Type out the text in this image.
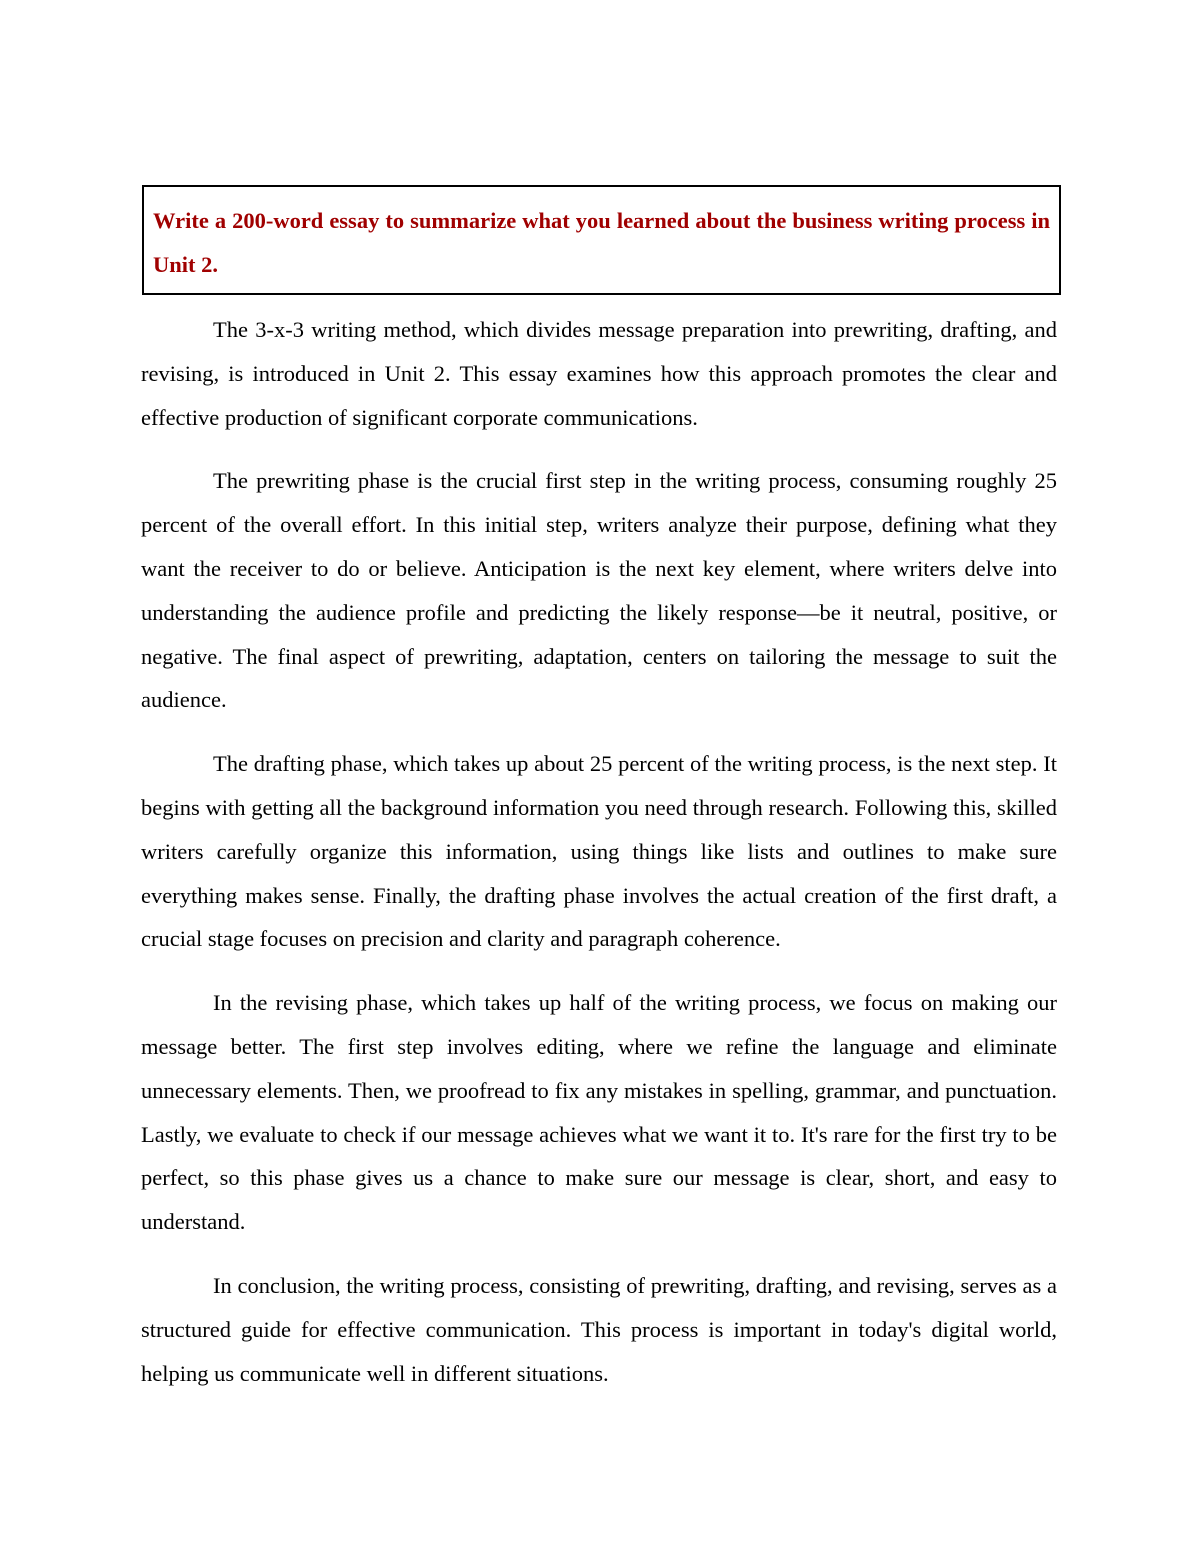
Write a 200-word essay to summarize what you learned about the business writing process in Unit 2.

The 3-x-3 writing method, which divides message preparation into prewriting, drafting, and revising, is introduced in Unit 2. This essay examines how this approach promotes the clear and effective production of significant corporate communications.

The prewriting phase is the crucial first step in the writing process, consuming roughly 25 percent of the overall effort. In this initial step, writers analyze their purpose, defining what they want the receiver to do or believe. Anticipation is the next key element, where writers delve into understanding the audience profile and predicting the likely response—be it neutral, positive, or negative. The final aspect of prewriting, adaptation, centers on tailoring the message to suit the audience.

The drafting phase, which takes up about 25 percent of the writing process, is the next step. It begins with getting all the background information you need through research. Following this, skilled writers carefully organize this information, using things like lists and outlines to make sure everything makes sense. Finally, the drafting phase involves the actual creation of the first draft, a crucial stage focuses on precision and clarity and paragraph coherence.

In the revising phase, which takes up half of the writing process, we focus on making our message better. The first step involves editing, where we refine the language and eliminate unnecessary elements. Then, we proofread to fix any mistakes in spelling, grammar, and punctuation. Lastly, we evaluate to check if our message achieves what we want it to. It's rare for the first try to be perfect, so this phase gives us a chance to make sure our message is clear, short, and easy to understand.

In conclusion, the writing process, consisting of prewriting, drafting, and revising, serves as a structured guide for effective communication. This process is important in today's digital world, helping us communicate well in different situations.
